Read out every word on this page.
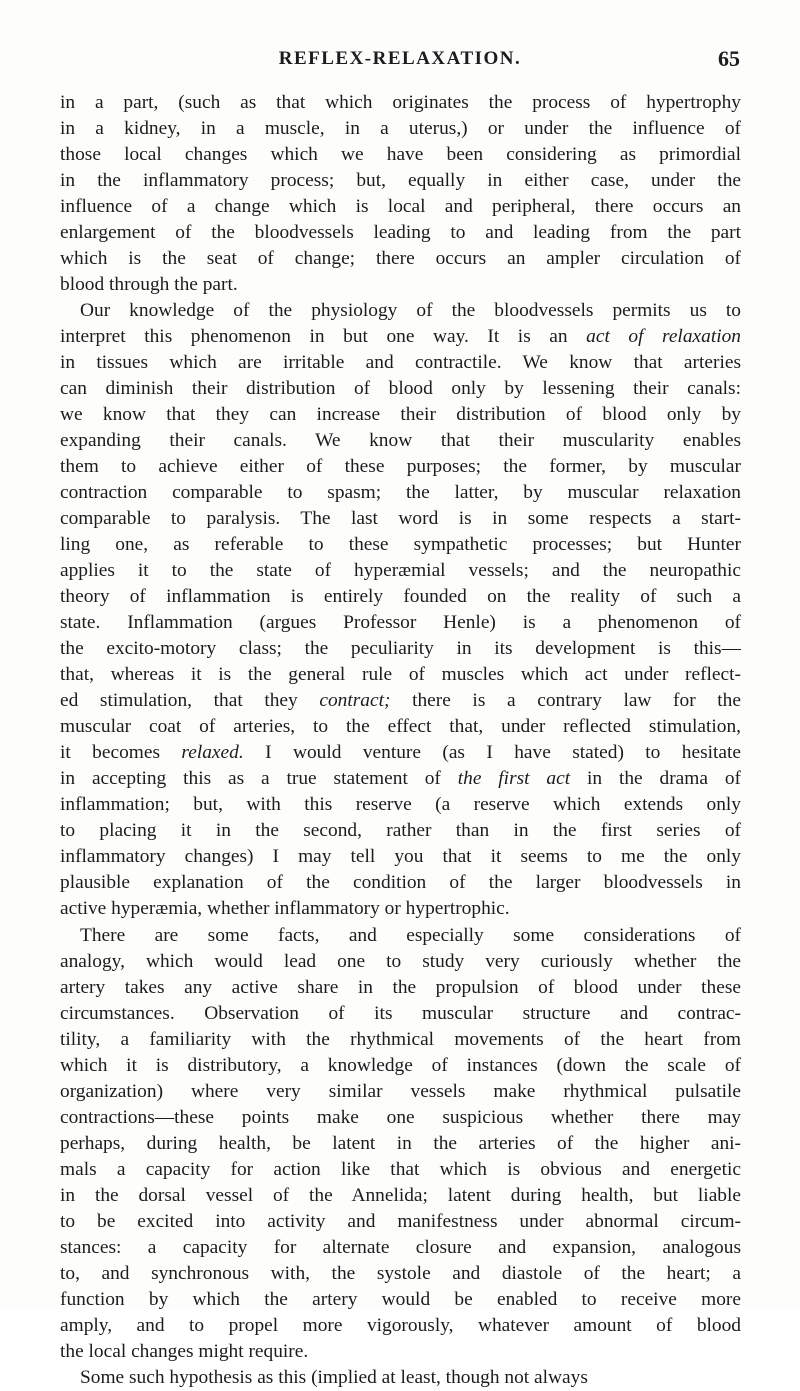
REFLEX-RELAXATION.	65
in a part, (such as that which originates the process of hypertrophy
in a kidney, in a muscle, in a uterus,) or under the influence of
those local changes which we have been considering as primordial
in the inflammatory process; but, equally in either case, under the
influence of a change which is local and peripheral, there occurs an
enlargement of the bloodvessels leading to and leading from the part
which is the seat of change; there occurs an ampler circulation of
blood through the part.
Our knowledge of the physiology of the bloodvessels permits us to
interpret this phenomenon in but one way. It is an act of relaxation
in tissues which are irritable and contractile. We know that arteries
can diminish their distribution of blood only by lessening their canals:
we know that they can increase their distribution of blood only by
expanding their canals. We know that their muscularity enables
them to achieve either of these purposes; the former, by muscular
contraction comparable to spasm; the latter, by muscular relaxation
comparable to paralysis. The last word is in some respects a start-
ling one, as referable to these sympathetic processes; but Hunter
applies it to the state of hyperæmial vessels; and the neuropathic
theory of inflammation is entirely founded on the reality of such a
state. Inflammation (argues Professor Henle) is a phenomenon of
the excito-motory class; the peculiarity in its development is this—
that, whereas it is the general rule of muscles which act under reflect-
ed stimulation, that they contract; there is a contrary law for the
muscular coat of arteries, to the effect that, under reflected stimulation,
it becomes relaxed. I would venture (as I have stated) to hesitate
in accepting this as a true statement of the first act in the drama of
inflammation; but, with this reserve (a reserve which extends only
to placing it in the second, rather than in the first series of
inflammatory changes) I may tell you that it seems to me the only
plausible explanation of the condition of the larger bloodvessels in
active hyperæmia, whether inflammatory or hypertrophic.
There are some facts, and especially some considerations of
analogy, which would lead one to study very curiously whether the
artery takes any active share in the propulsion of blood under these
circumstances. Observation of its muscular structure and contrac-
tility, a familiarity with the rhythmical movements of the heart from
which it is distributory, a knowledge of instances (down the scale of
organization) where very similar vessels make rhythmical pulsatile
contractions—these points make one suspicious whether there may
perhaps, during health, be latent in the arteries of the higher ani-
mals a capacity for action like that which is obvious and energetic
in the dorsal vessel of the Annelida; latent during health, but liable
to be excited into activity and manifestness under abnormal circum-
stances: a capacity for alternate closure and expansion, analogous
to, and synchronous with, the systole and diastole of the heart; a
function by which the artery would be enabled to receive more
amply, and to propel more vigorously, whatever amount of blood
the local changes might require.
Some such hypothesis as this (implied at least, though not always
